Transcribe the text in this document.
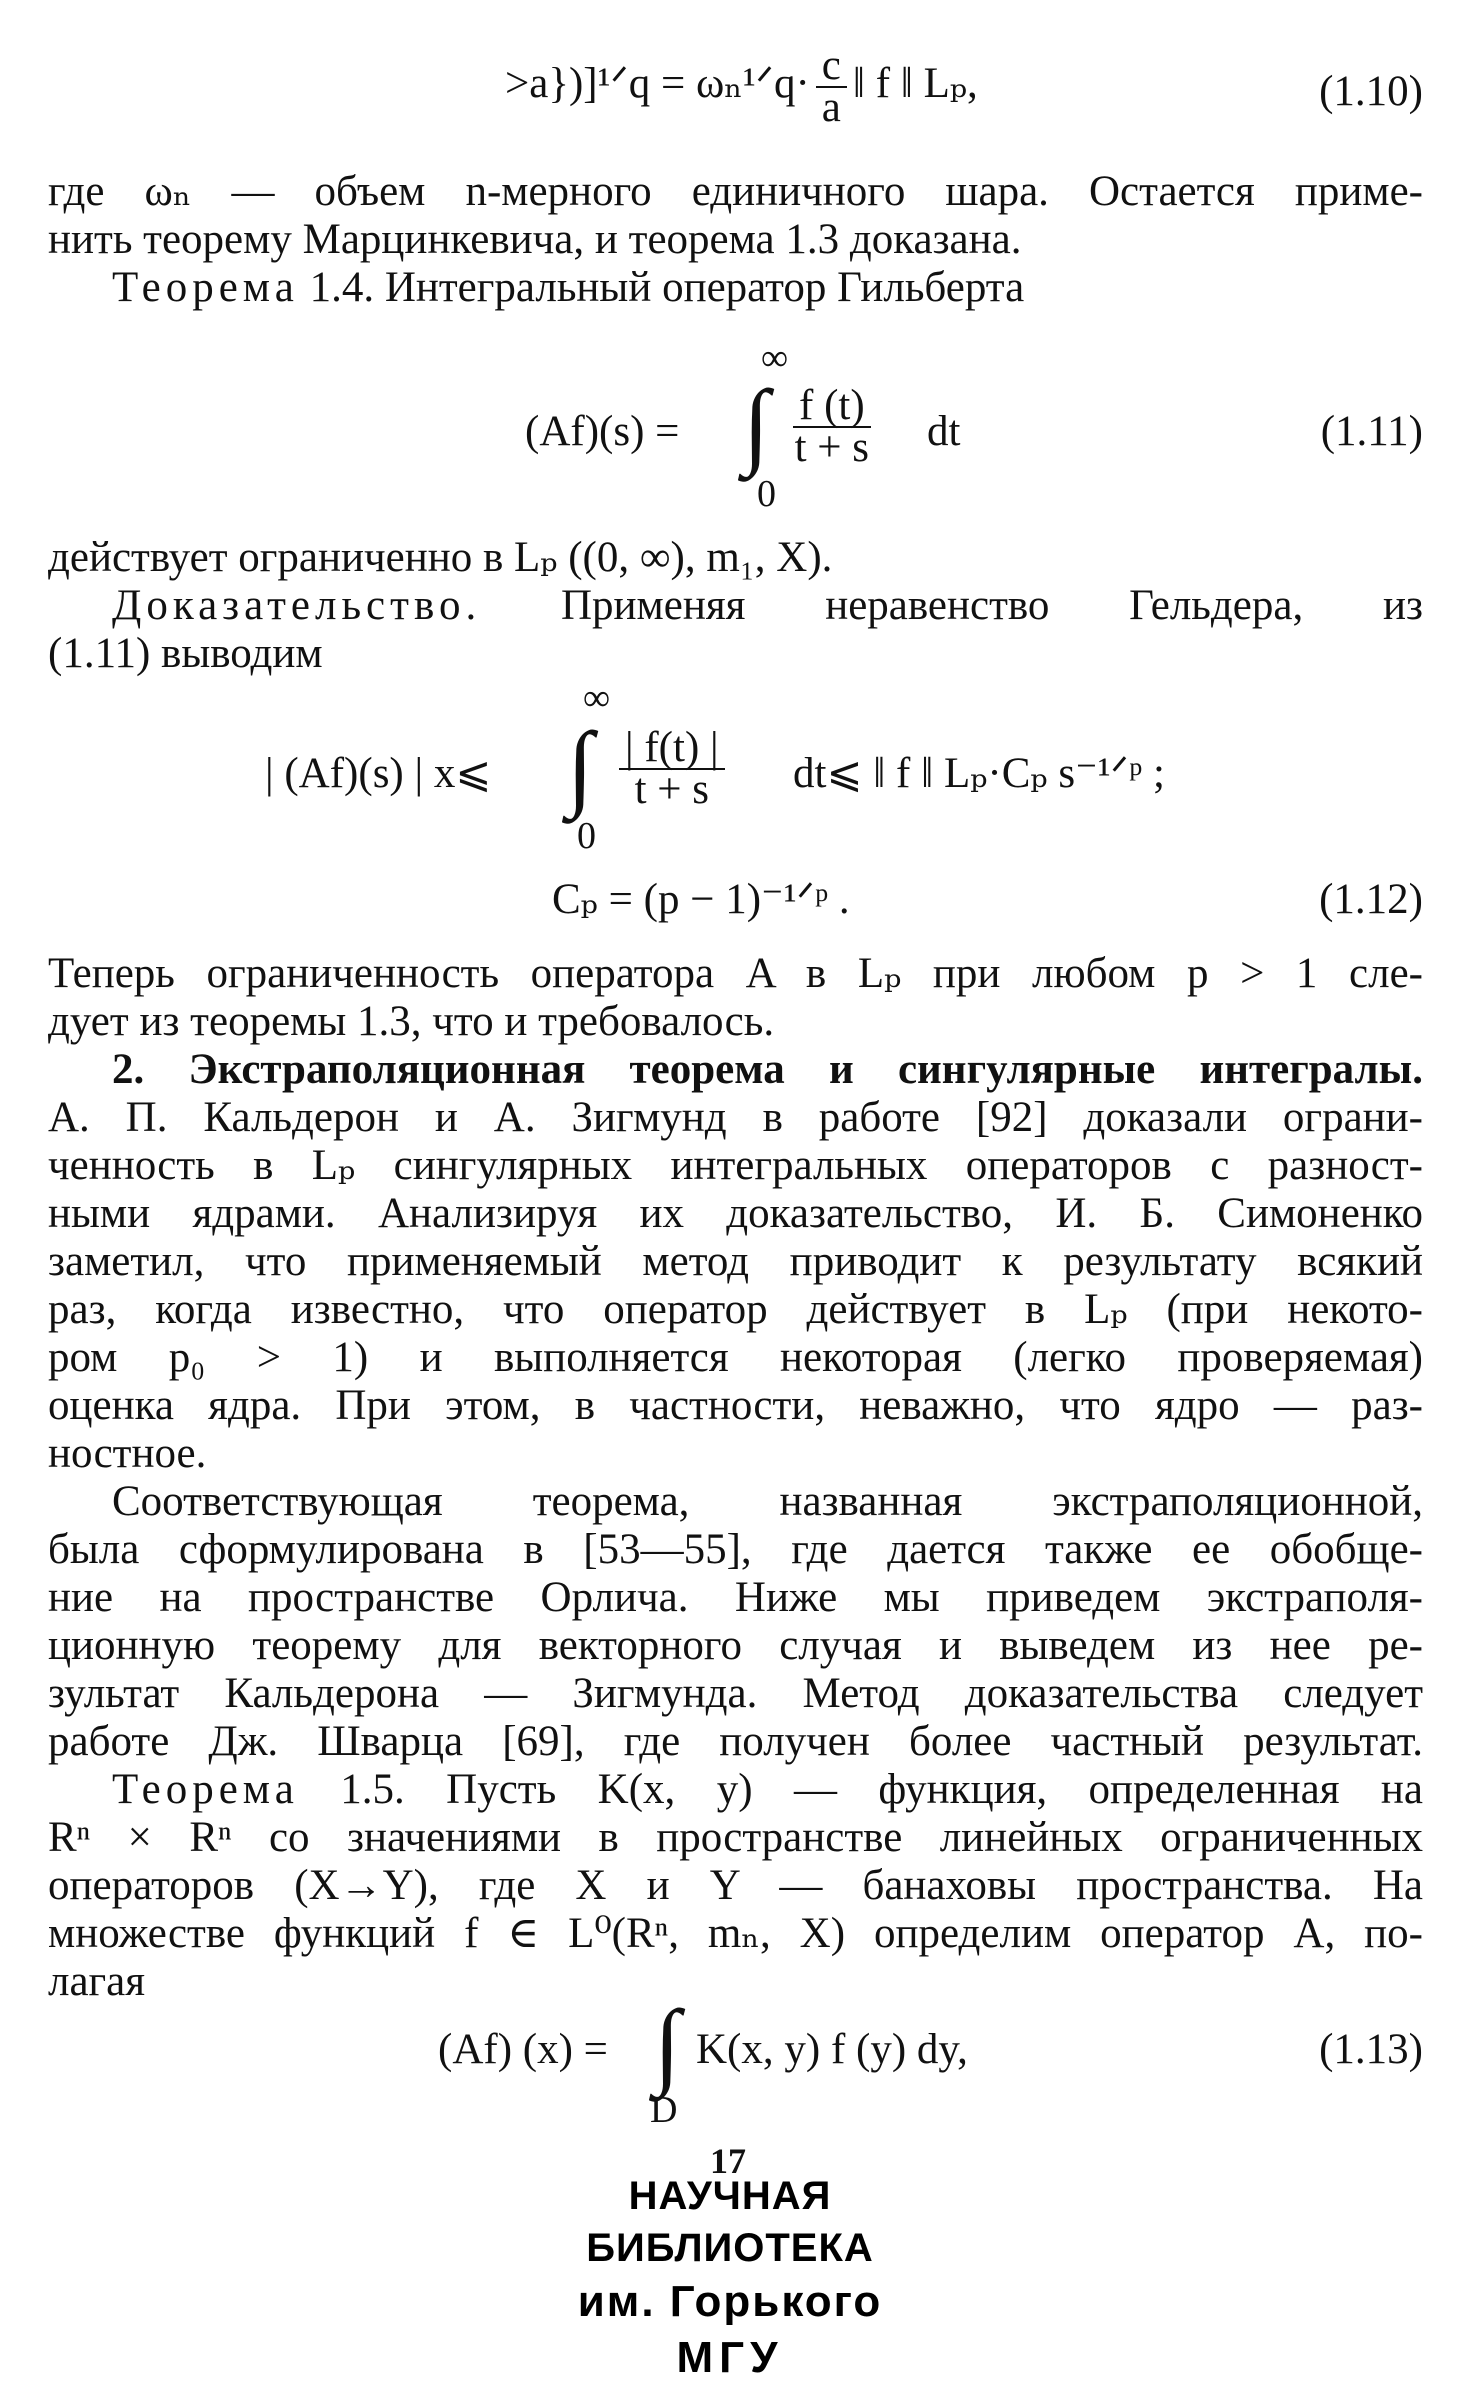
>a})]¹ᐟq = ωₙ¹ᐟq· $\frac{c}{a}$ ‖ f ‖ Lₚ,	(1.10)
где ωₙ — объем n-мерного единичного шара. Остается приме-
нить теорему Марцинкевича, и теорема 1.3 доказана.
Теорема 1.4. Интегральный оператор Гильберта
(Af)(s) =
∞
∫
0
$\frac{f (t)}{t + s}$ dt	(1.11)
действует ограниченно в Lₚ ((0, ∞), m₁, X).
Доказательство. Применяя неравенство Гельдера, из
(1.11) выводим
| (Af)(s) | x⩽
∞
∫
0
$\frac{| f(t) |}{t + s}$ dt⩽ ‖ f ‖ Lₚ·Cₚ s⁻¹ᐟᵖ ;
Cₚ = (p − 1)⁻¹ᐟᵖ .	(1.12)
Теперь ограниченность оператора A в Lₚ при любом p > 1 сле-
дует из теоремы 1.3, что и требовалось.
2. Экстраполяционная теорема и сингулярные интегралы.
А. П. Кальдерон и А. Зигмунд в работе [92] доказали ограни-
ченность в Lₚ сингулярных интегральных операторов с разност-
ными ядрами. Анализируя их доказательство, И. Б. Симоненко
заметил, что применяемый метод приводит к результату всякий
раз, когда известно, что оператор действует в Lₚ (при некото-
ром p₀ > 1) и выполняется некоторая (легко проверяемая)
оценка ядра. При этом, в частности, неважно, что ядро — раз-
ностное.
Соответствующая теорема, названная экстраполяционной,
была сформулирована в [53—55], где дается также ее обобще-
ние на пространстве Орлича. Ниже мы приведем экстраполя-
ционную теорему для векторного случая и выведем из нее ре-
зультат Кальдерона — Зигмунда. Метод доказательства следует
работе Дж. Шварца [69], где получен более частный результат.
Теорема 1.5. Пусть K(x, y) — функция, определенная на
Rⁿ × Rⁿ со значениями в пространстве линейных ограниченных
операторов (X→Y), где X и Y — банаховы пространства. На
множестве функций f ∈ L⁰(Rⁿ, mₙ, X) определим оператор A, по-
лагая
(Af) (x) = ∫
D
K(x, y) f (y) dy,	(1.13)
17
НАУЧНАЯ БИБЛИОТЕКА
им. Горького
МГУ
